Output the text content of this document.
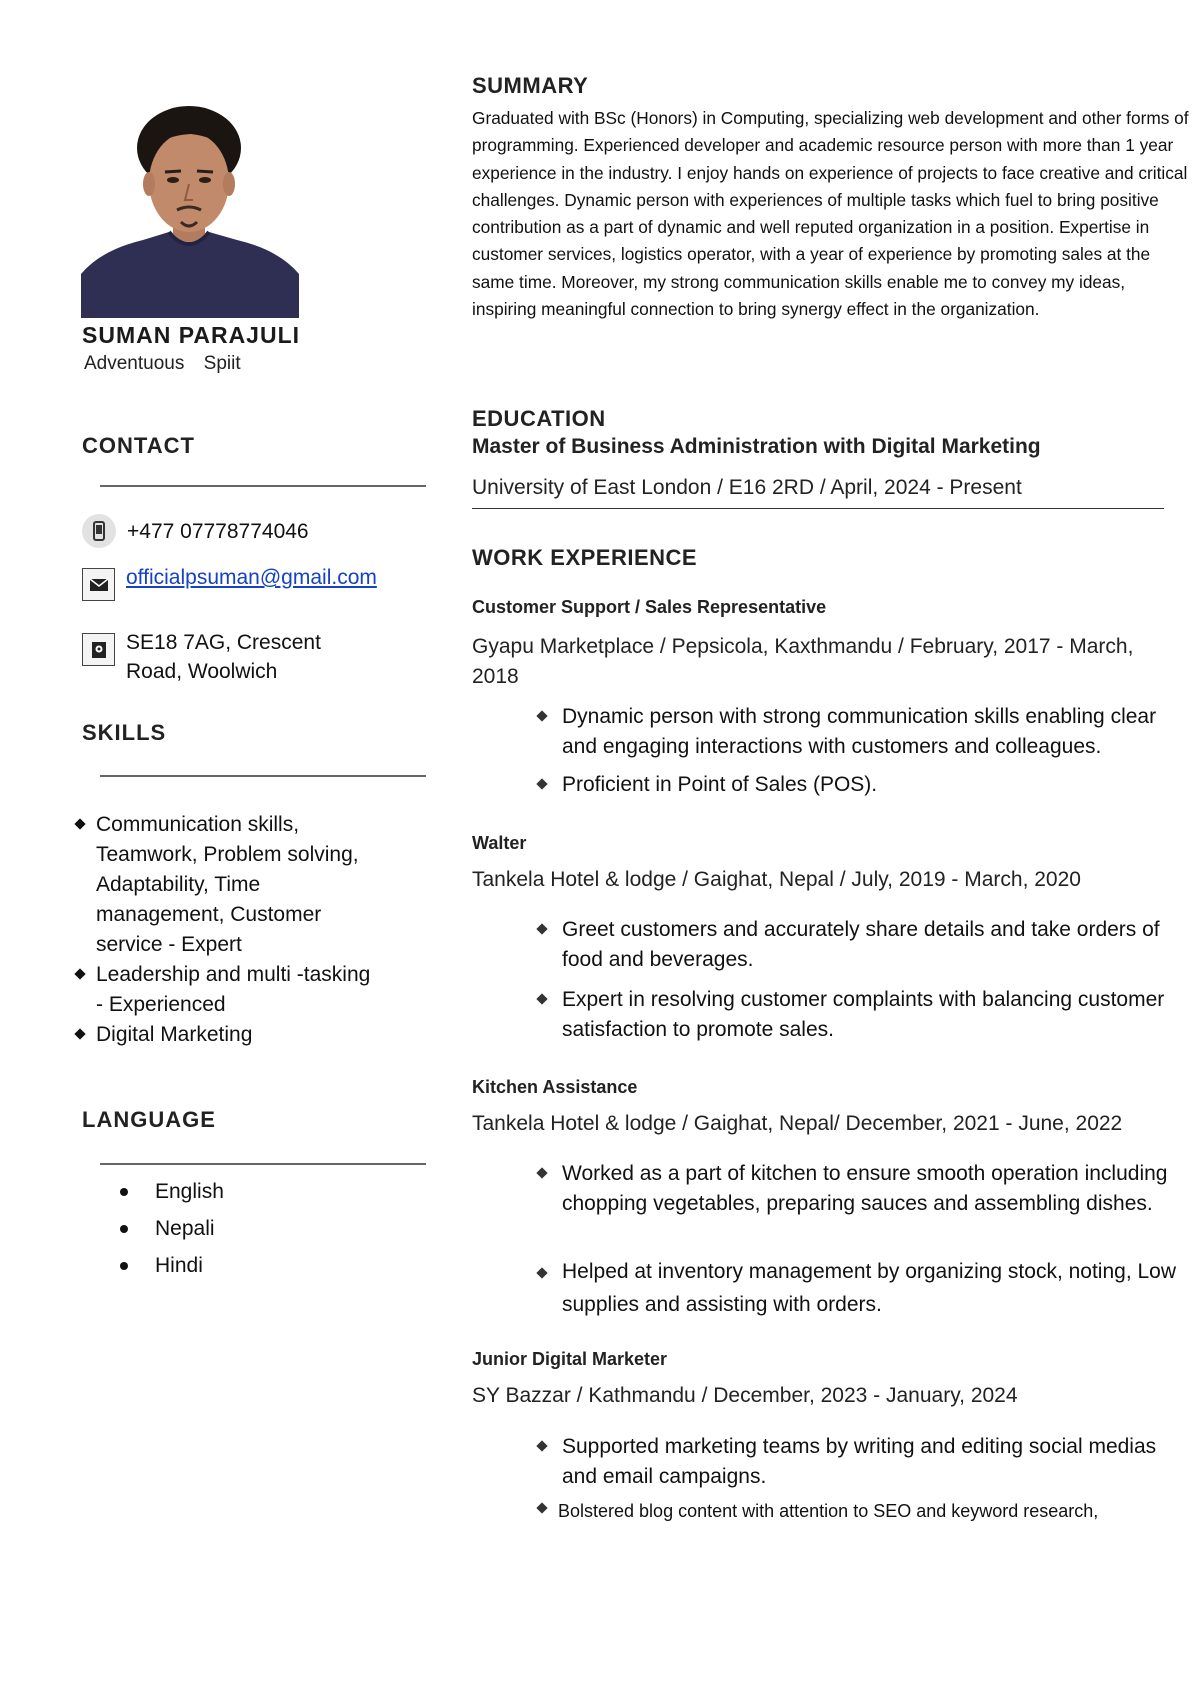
SUMAN PARAJULI
Adventuous Spiit
CONTACT
+477 07778774046
officialpsuman@gmail.com
SE18 7AG, Crescent Road, Woolwich
SKILLS
Communication skills, Teamwork, Problem solving, Adaptability, Time management, Customer service - Expert
Leadership and multi -tasking - Experienced
Digital Marketing
LANGUAGE
English
Nepali
Hindi
SUMMARY
Graduated with BSc (Honors) in Computing, specializing web development and other forms of programming. Experienced developer and academic resource person with more than 1 year experience in the industry. I enjoy hands on experience of projects to face creative and critical challenges. Dynamic person with experiences of multiple tasks which fuel to bring positive contribution as a part of dynamic and well reputed organization in a position. Expertise in customer services, logistics operator, with a year of experience by promoting sales at the same time. Moreover, my strong communication skills enable me to convey my ideas, inspiring meaningful connection to bring synergy effect in the organization.
EDUCATION
Master of Business Administration with Digital Marketing
University of East London / E16 2RD / April, 2024 - Present
WORK EXPERIENCE
Customer Support / Sales Representative
Gyapu Marketplace / Pepsicola, Kaxthmandu / February, 2017 - March, 2018
Dynamic person with strong communication skills enabling clear and engaging interactions with customers and colleagues.
Proficient in Point of Sales (POS).
Walter
Tankela Hotel & lodge / Gaighat, Nepal / July, 2019 - March, 2020
Greet customers and accurately share details and take orders of food and beverages.
Expert in resolving customer complaints with balancing customer satisfaction to promote sales.
Kitchen Assistance
Tankela Hotel & lodge / Gaighat, Nepal/ December, 2021 - June, 2022
Worked as a part of kitchen to ensure smooth operation including chopping vegetables, preparing sauces and assembling dishes.
Helped at inventory management by organizing stock, noting, Low supplies and assisting with orders.
Junior Digital Marketer
SY Bazzar / Kathmandu / December, 2023 - January, 2024
Supported marketing teams by writing and editing social medias and email campaigns.
Bolstered blog content with attention to SEO and keyword research,
